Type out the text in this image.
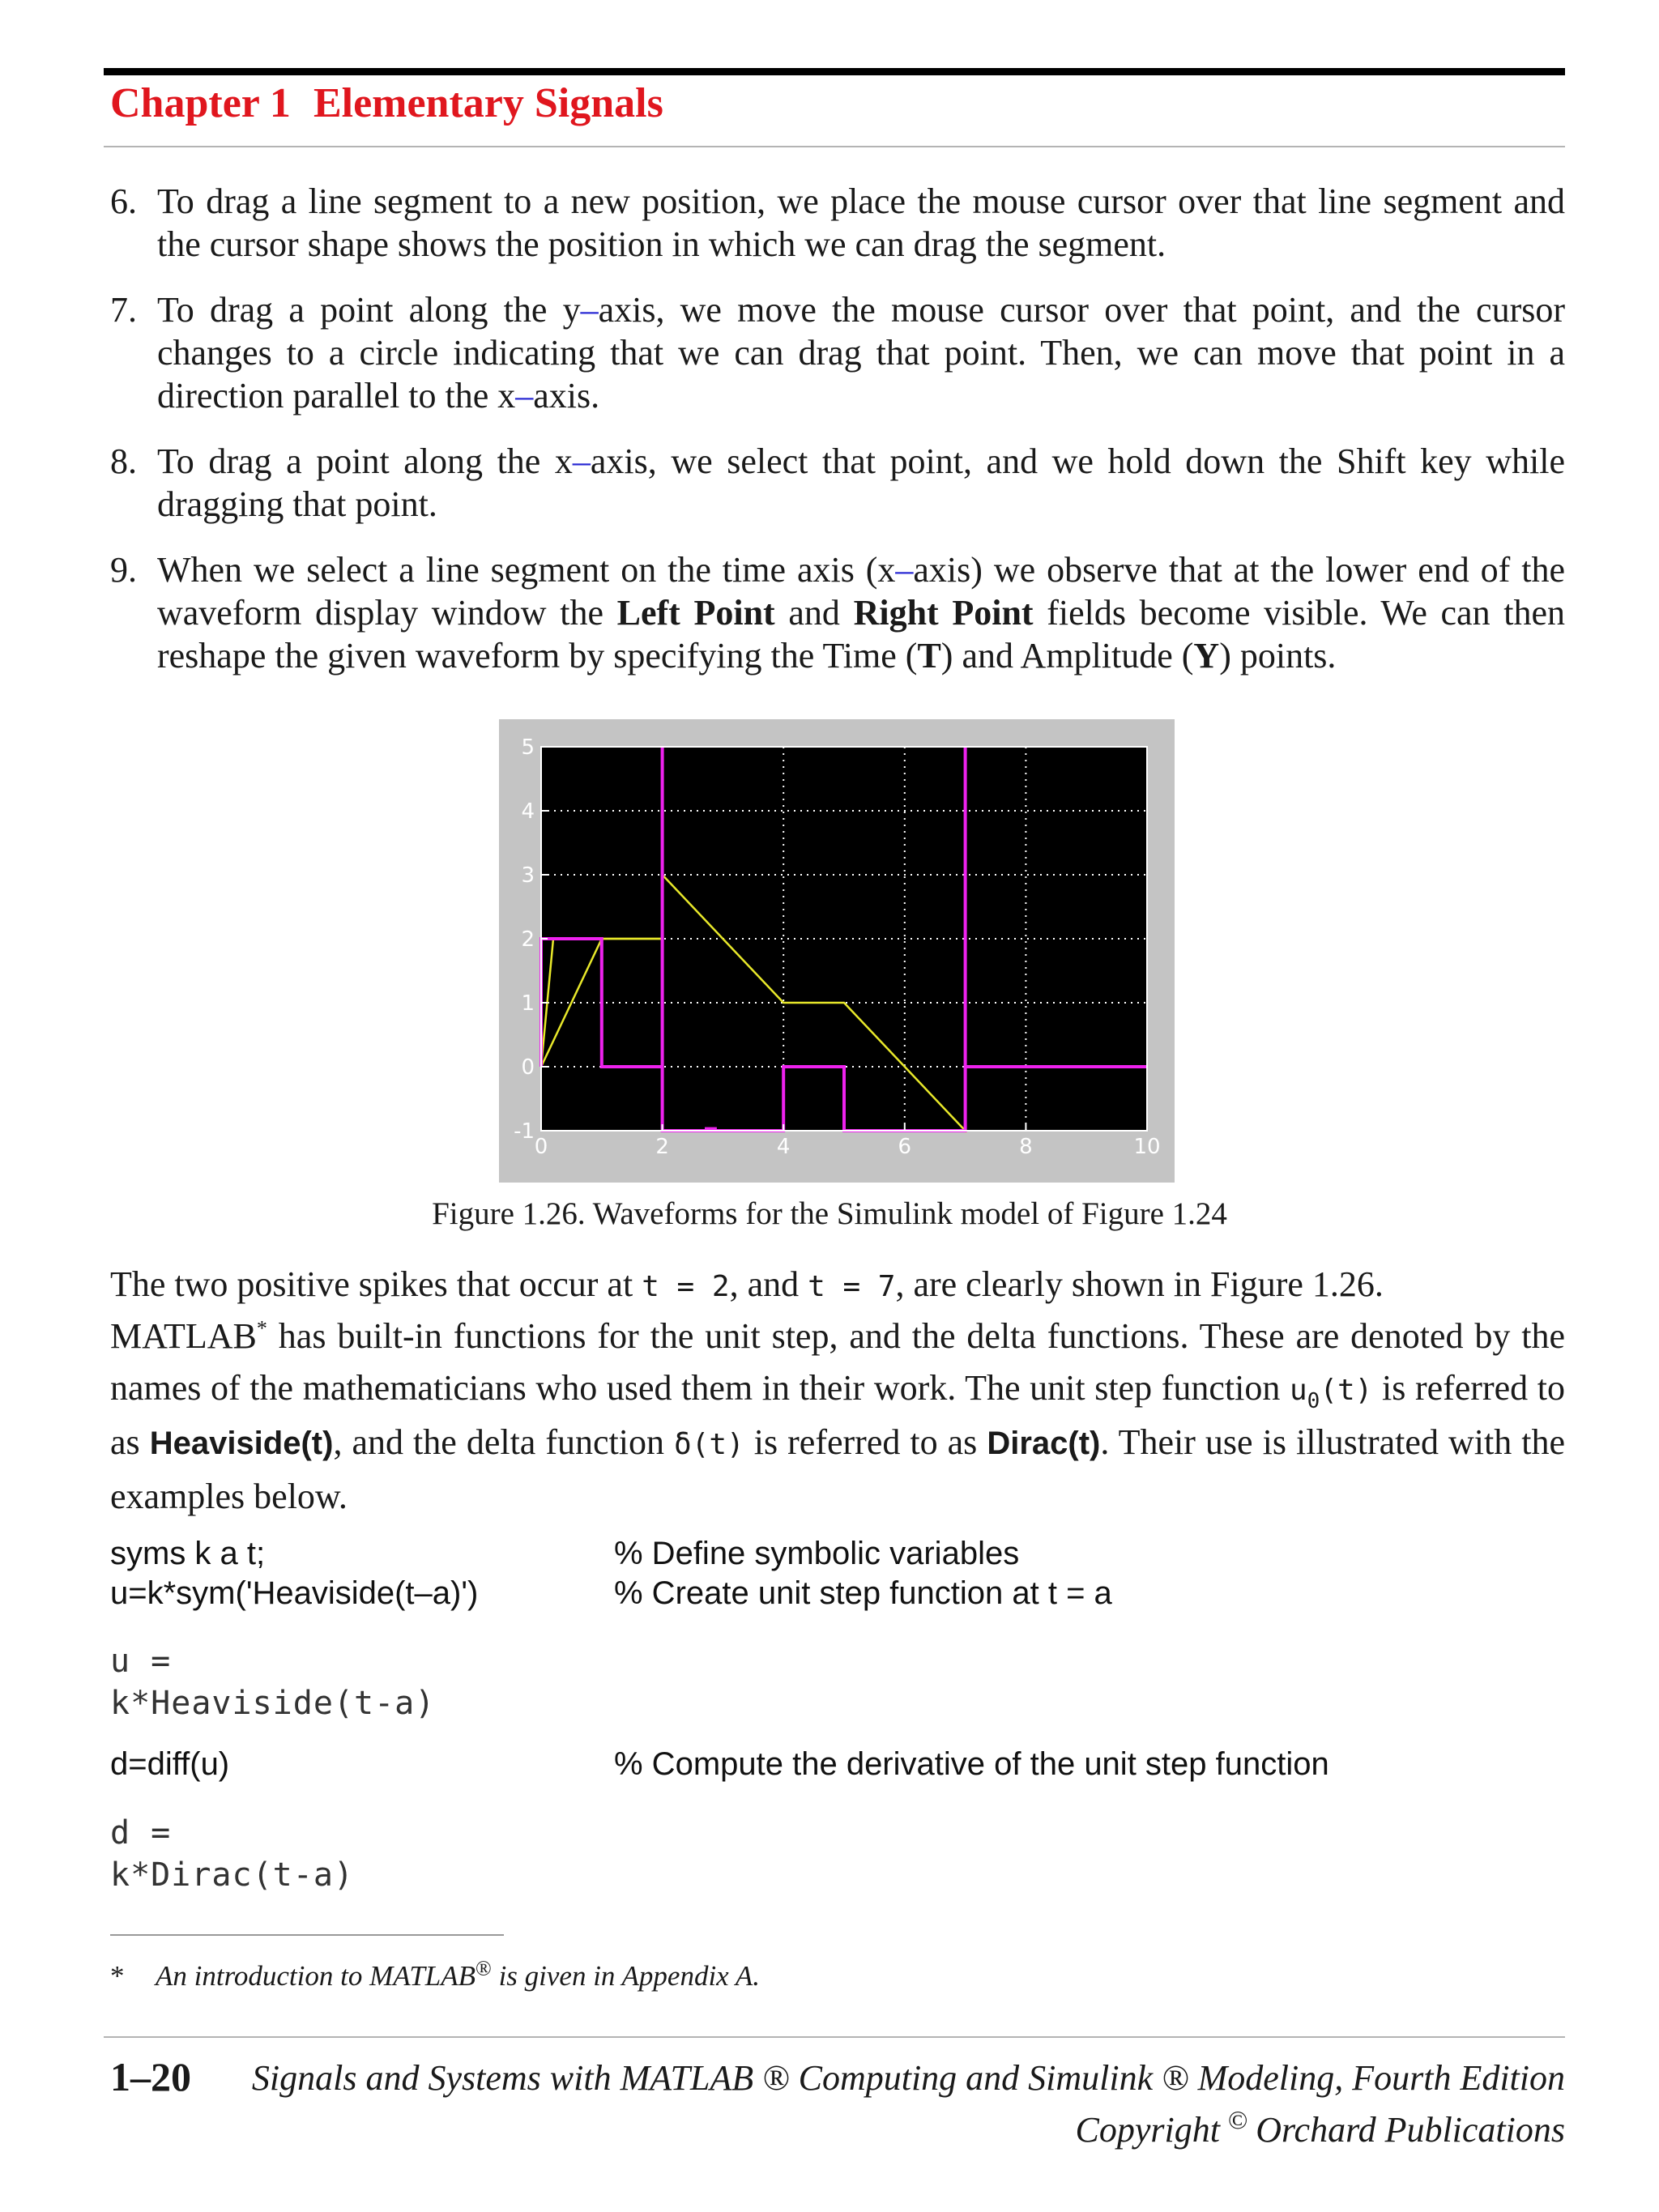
Chapter 1 Elementary Signals
6. To drag a line segment to a new position, we place the mouse cursor over that line segment and the cursor shape shows the position in which we can drag the segment.
7. To drag a point along the y–axis, we move the mouse cursor over that point, and the cursor changes to a circle indicating that we can drag that point. Then, we can move that point in a direction parallel to the x–axis.
8. To drag a point along the x–axis, we select that point, and we hold down the Shift key while dragging that point.
9. When we select a line segment on the time axis (x–axis) we observe that at the lower end of the waveform display window the Left Point and Right Point fields become visible. We can then reshape the given waveform by specifying the Time (T) and Amplitude (Y) points.
0	2	4	6	8	10
-1
0
1
2
3
4
5
Figure 1.26. Waveforms for the Simulink model of Figure 1.24
The two positive spikes that occur at t = 2, and t = 7, are clearly shown in Figure 1.26.
MATLAB* has built-in functions for the unit step, and the delta functions. These are denoted by the names of the mathematicians who used them in their work. The unit step function $u_0(t)$ is referred to as Heaviside(t), and the delta function δ(t) is referred to as Dirac(t). Their use is illustrated with the examples below.
syms k a t;	% Define symbolic variables
u=k*sym('Heaviside(t–a)')	% Create unit step function at t = a
u =
k*Heaviside(t-a)
d=diff(u)	% Compute the derivative of the unit step function
d =
k*Dirac(t-a)
* An introduction to MATLAB® is given in Appendix A.
1–20 Signals and Systems with MATLAB ® Computing and Simulink ® Modeling, Fourth Edition
Copyright © Orchard Publications
